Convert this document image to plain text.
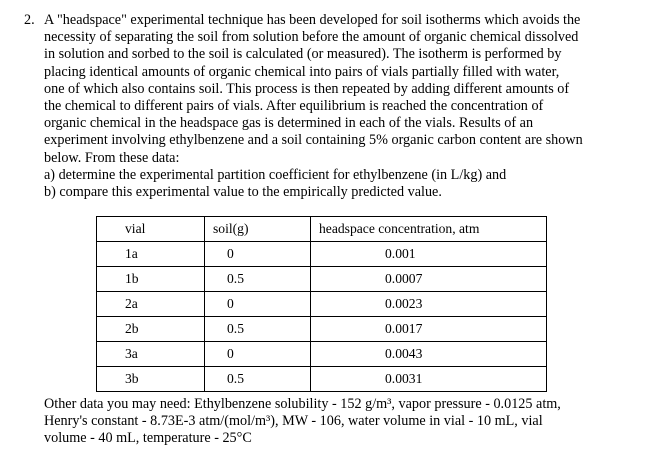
2. A "headspace" experimental technique has been developed for soil isotherms which avoids the
necessity of separating the soil from solution before the amount of organic chemical dissolved
in solution and sorbed to the soil is calculated (or measured). The isotherm is performed by
placing identical amounts of organic chemical into pairs of vials partially filled with water,
one of which also contains soil. This process is then repeated by adding different amounts of
the chemical to different pairs of vials. After equilibrium is reached the concentration of
organic chemical in the headspace gas is determined in each of the vials. Results of an
experiment involving ethylbenzene and a soil containing 5% organic carbon content are shown
below. From these data:
a) determine the experimental partition coefficient for ethylbenzene (in L/kg) and
b) compare this experimental value to the empirically predicted value.
vial	soil(g)	headspace concentration, atm

1a	0	0.001

1b	0.5	0.0007

2a	0	0.0023

2b	0.5	0.0017

3a	0	0.0043

3b	0.5	0.0031
Other data you may need: Ethylbenzene solubility - 152 g/m³, vapor pressure - 0.0125 atm,
Henry's constant - 8.73E-3 atm/(mol/m³), MW - 106, water volume in vial - 10 mL, vial
volume - 40 mL, temperature - 25°C
